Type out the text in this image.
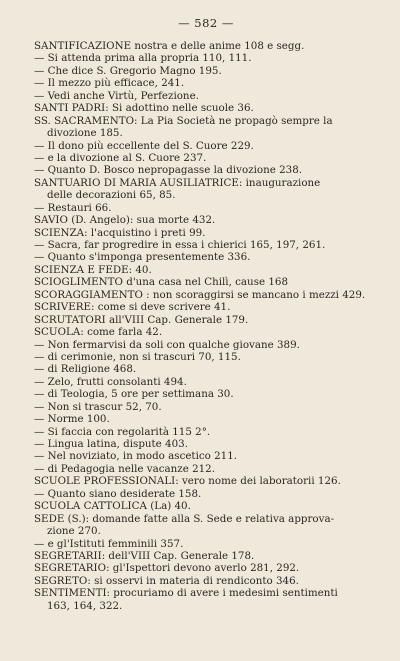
— 582 —
SANTIFICAZIONE nostra e delle anime 108 e segg.
— Si attenda prima alla propria 110, 111.
— Che dice S. Gregorio Magno 195.
— Il mezzo più efficace, 241.
— Vedi anche Virtù, Perfezione.
SANTI PADRI: Si adottino nelle scuole 36.
SS. SACRAMENTO: La Pia Società ne propagò sempre la
divozione 185.
— Il dono più eccellente del S. Cuore 229.
— e la divozione al S. Cuore 237.
— Quanto D. Bosco nepropagasse la divozione 238.
SANTUARIO DI MARIA AUSILIATRICE: inaugurazione
delle decorazioni 65, 85.
— Restauri 66.
SAVIO (D. Angelo): sua morte 432.
SCIENZA: l'acquistino i preti 99.
— Sacra, far progredire in essa i chierici 165, 197, 261.
— Quanto s'imponga presentemente 336.
SCIENZA E FEDE: 40.
SCIOGLIMENTO d'una casa nel Chilì, cause 168
SCORAGGIAMENTO : non scoraggirsi se mancano i mezzi 429.
SCRIVERE: come si deve scrivere 41.
SCRUTATORI all'VIII Cap. Generale 179.
SCUOLA: come farla 42.
— Non fermarvisi da soli con qualche giovane 389.
— di cerimonie, non si trascuri 70, 115.
— di Religione 468.
— Zelo, frutti consolanti 494.
— di Teologia, 5 ore per settimana 30.
— Non si trascur 52, 70.
— Norme 100.
— Si faccia con regolarità 115 2°.
— Lingua latina, dispute 403.
— Nel noviziato, in modo ascetico 211.
— di Pedagogia nelle vacanze 212.
SCUOLE PROFESSIONALI: vero nome dei laboratorii 126.
— Quanto siano desiderate 158.
SCUOLA CATTOLICA (La) 40.
SEDE (S.): domande fatte alla S. Sede e relativa approva-
zione 270.
— e gl'Istituti femminili 357.
SEGRETARII: dell'VIII Cap. Generale 178.
SEGRETARIO: gl'Ispettori devono averlo 281, 292.
SEGRETO: si osservi in materia di rendiconto 346.
SENTIMENTI: procuriamo di avere i medesimi sentimenti
163, 164, 322.
